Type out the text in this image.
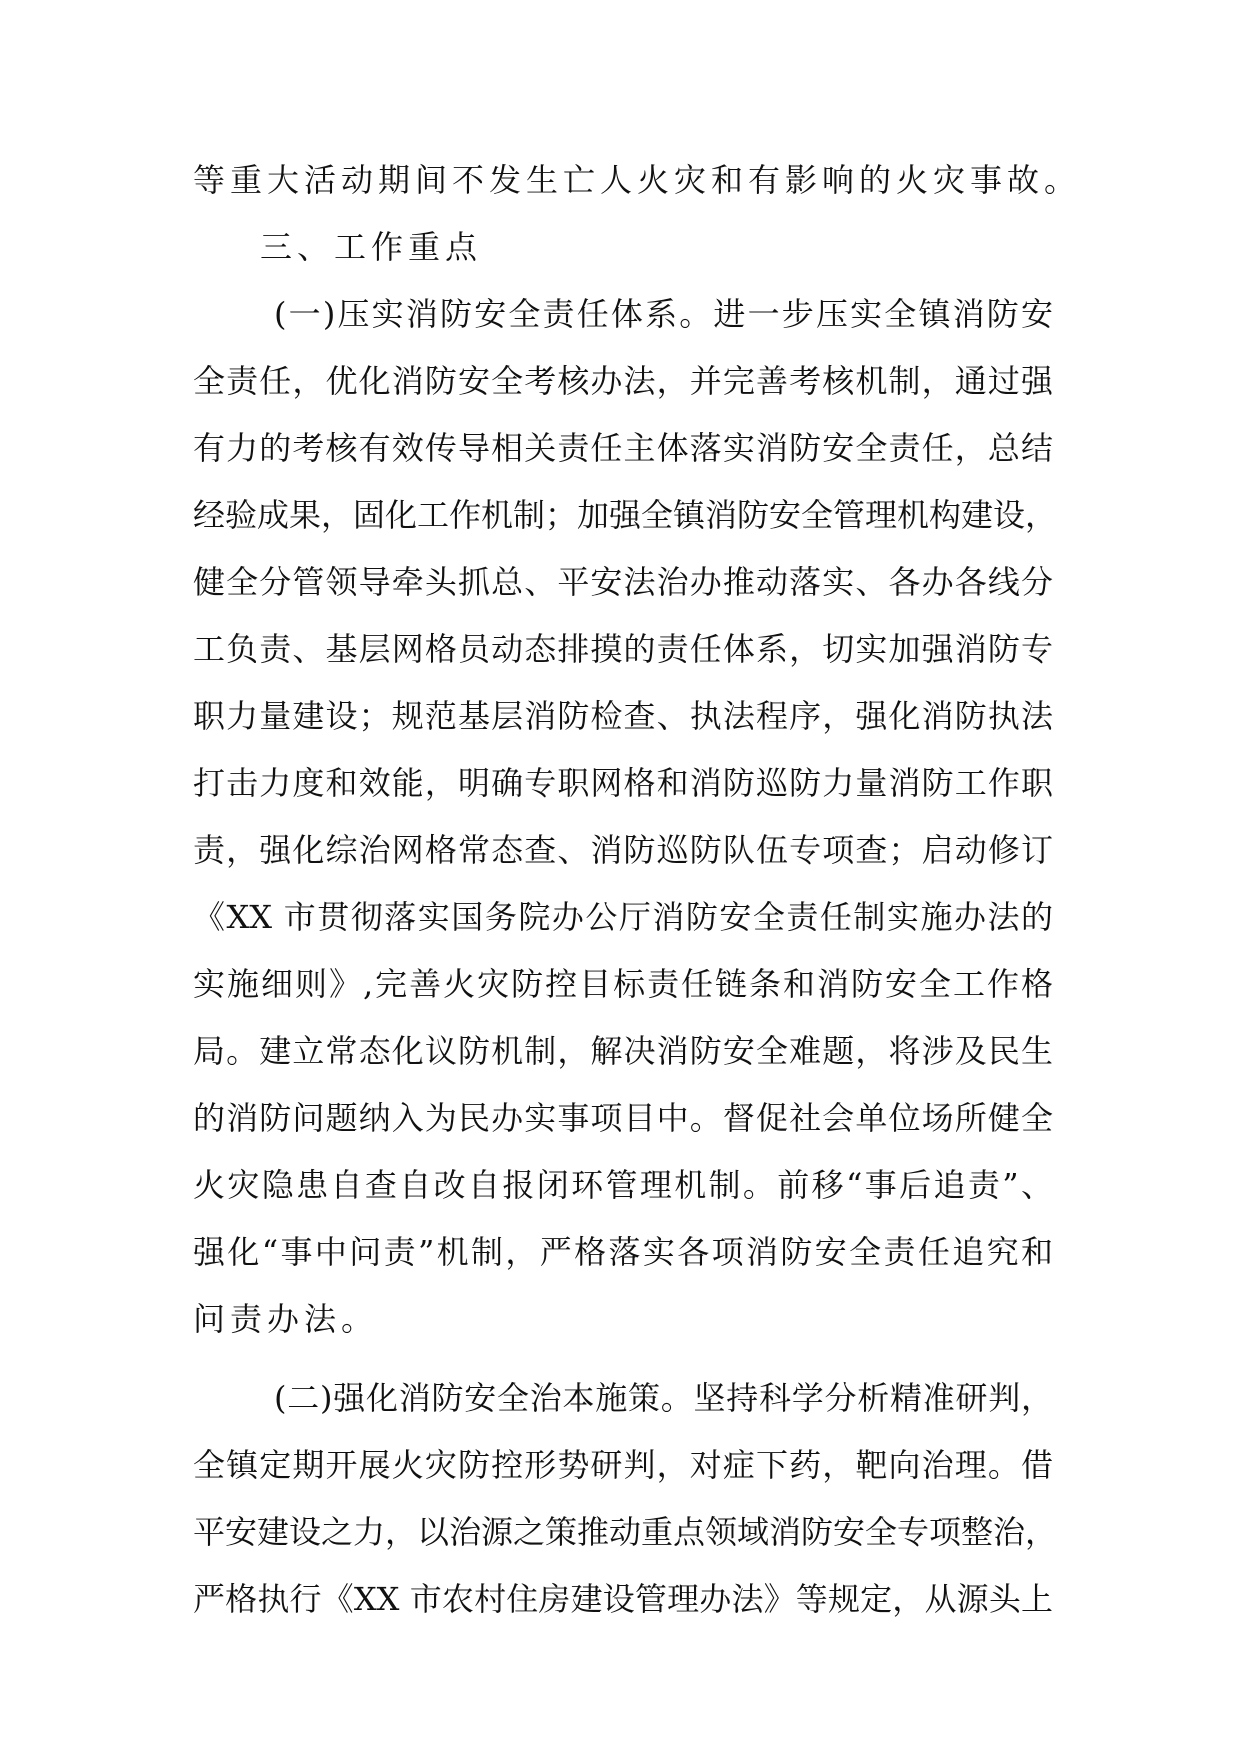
等重大活动期间不发生亡人火灾和有影响的火灾事故。
三、工作重点
(一)压实消防安全责任体系。进一步压实全镇消防安
全责任，优化消防安全考核办法，并完善考核机制，通过强
有力的考核有效传导相关责任主体落实消防安全责任，总结
经验成果，固化工作机制；加强全镇消防安全管理机构建设，
健全分管领导牵头抓总、平安法治办推动落实、各办各线分
工负责、基层网格员动态排摸的责任体系，切实加强消防专
职力量建设；规范基层消防检查、执法程序，强化消防执法
打击力度和效能，明确专职网格和消防巡防力量消防工作职
责，强化综治网格常态查、消防巡防队伍专项查；启动修订
《XX 市贯彻落实国务院办公厅消防安全责任制实施办法的
实施细则》,完善火灾防控目标责任链条和消防安全工作格
局。建立常态化议防机制，解决消防安全难题，将涉及民生
的消防问题纳入为民办实事项目中。督促社会单位场所健全
火灾隐患自查自改自报闭环管理机制。前移“事后追责”、
强化“事中问责”机制，严格落实各项消防安全责任追究和
问责办法。
(二)强化消防安全治本施策。坚持科学分析精准研判，
全镇定期开展火灾防控形势研判，对症下药，靶向治理。借
平安建设之力，以治源之策推动重点领域消防安全专项整治，
严格执行《XX 市农村住房建设管理办法》等规定，从源头上
